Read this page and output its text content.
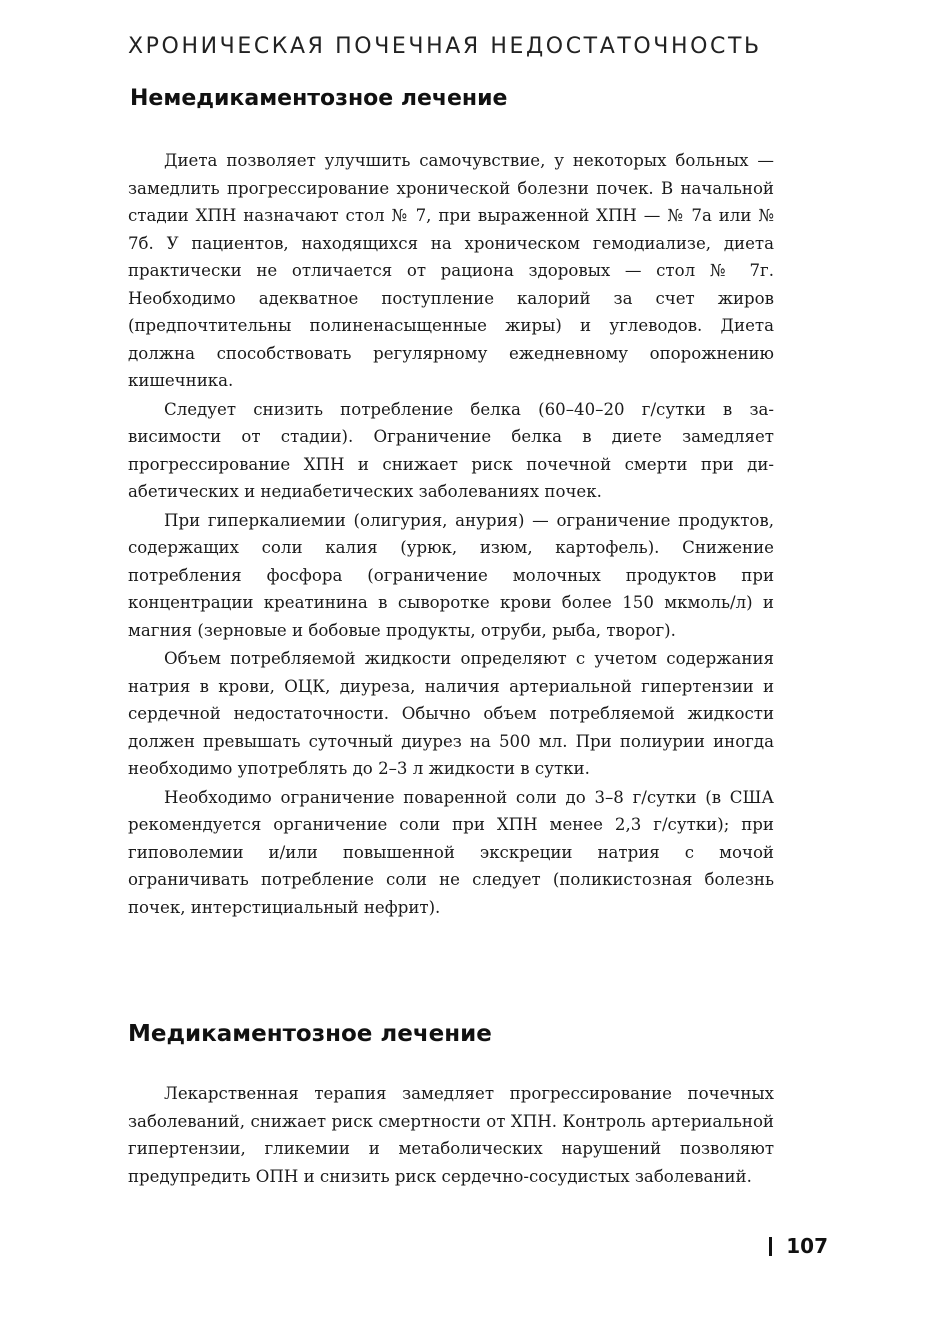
ХРОНИЧЕСКАЯ ПОЧЕЧНАЯ НЕДОСТАТОЧНОСТЬ
Немедикаментозное лечение

Диета позволяет улучшить самочувствие, у некоторых больных — замедлить прогрессирование хронической болезни почек. В начальной стадии ХПН назначают стол № 7, при выраженной ХПН — № 7а или № 7б. У пациентов, находящихся на хроническом гемодиализе, диета практически не отличается от рациона здоровых — стол № 7г. Необходимо адекватное поступление калорий за счет жиров (предпочтительны полиненасыщенные жиры) и углеводов. Диета должна способствовать регулярному ежедневному опорожнению кишечника.

Следует снизить потребление белка (60–40–20 г/сутки в зависимости от стадии). Ограничение белка в диете замедляет прогрессирование ХПН и снижает риск почечной смерти при диабетических и недиабетических заболеваниях почек.

При гиперкалиемии (олигурия, анурия) — ограничение продуктов, содержащих соли калия (урюк, изюм, картофель). Снижение потребления фосфора (ограничение молочных продуктов при концентрации креатинина в сыворотке крови более 150 мкмоль/л) и магния (зерновые и бобовые продукты, отруби, рыба, творог).

Объем потребляемой жидкости определяют с учетом содержания натрия в крови, ОЦК, диуреза, наличия артериальной гипертензии и сердечной недостаточности. Обычно объем потребляемой жидкости должен превышать суточный диурез на 500 мл. При полиурии иногда необходимо употреблять до 2–3 л жидкости в сутки.

Необходимо ограничение поваренной соли до 3–8 г/сутки (в США рекомендуется органичение соли при ХПН менее 2,3 г/сутки); при гиповолемии и/или повышенной экскреции натрия с мочой ограничивать потребление соли не следует (поликистозная болезнь почек, интерстициальный нефрит).

Медикаментозное лечение

Лекарственная терапия замедляет прогрессирование почечных заболеваний, снижает риск смертности от ХПН. Контроль артериальной гипертензии, гликемии и метаболических нарушений позволяют предупредить ОПН и снизить риск сердечно-сосудистых заболеваний.

107
